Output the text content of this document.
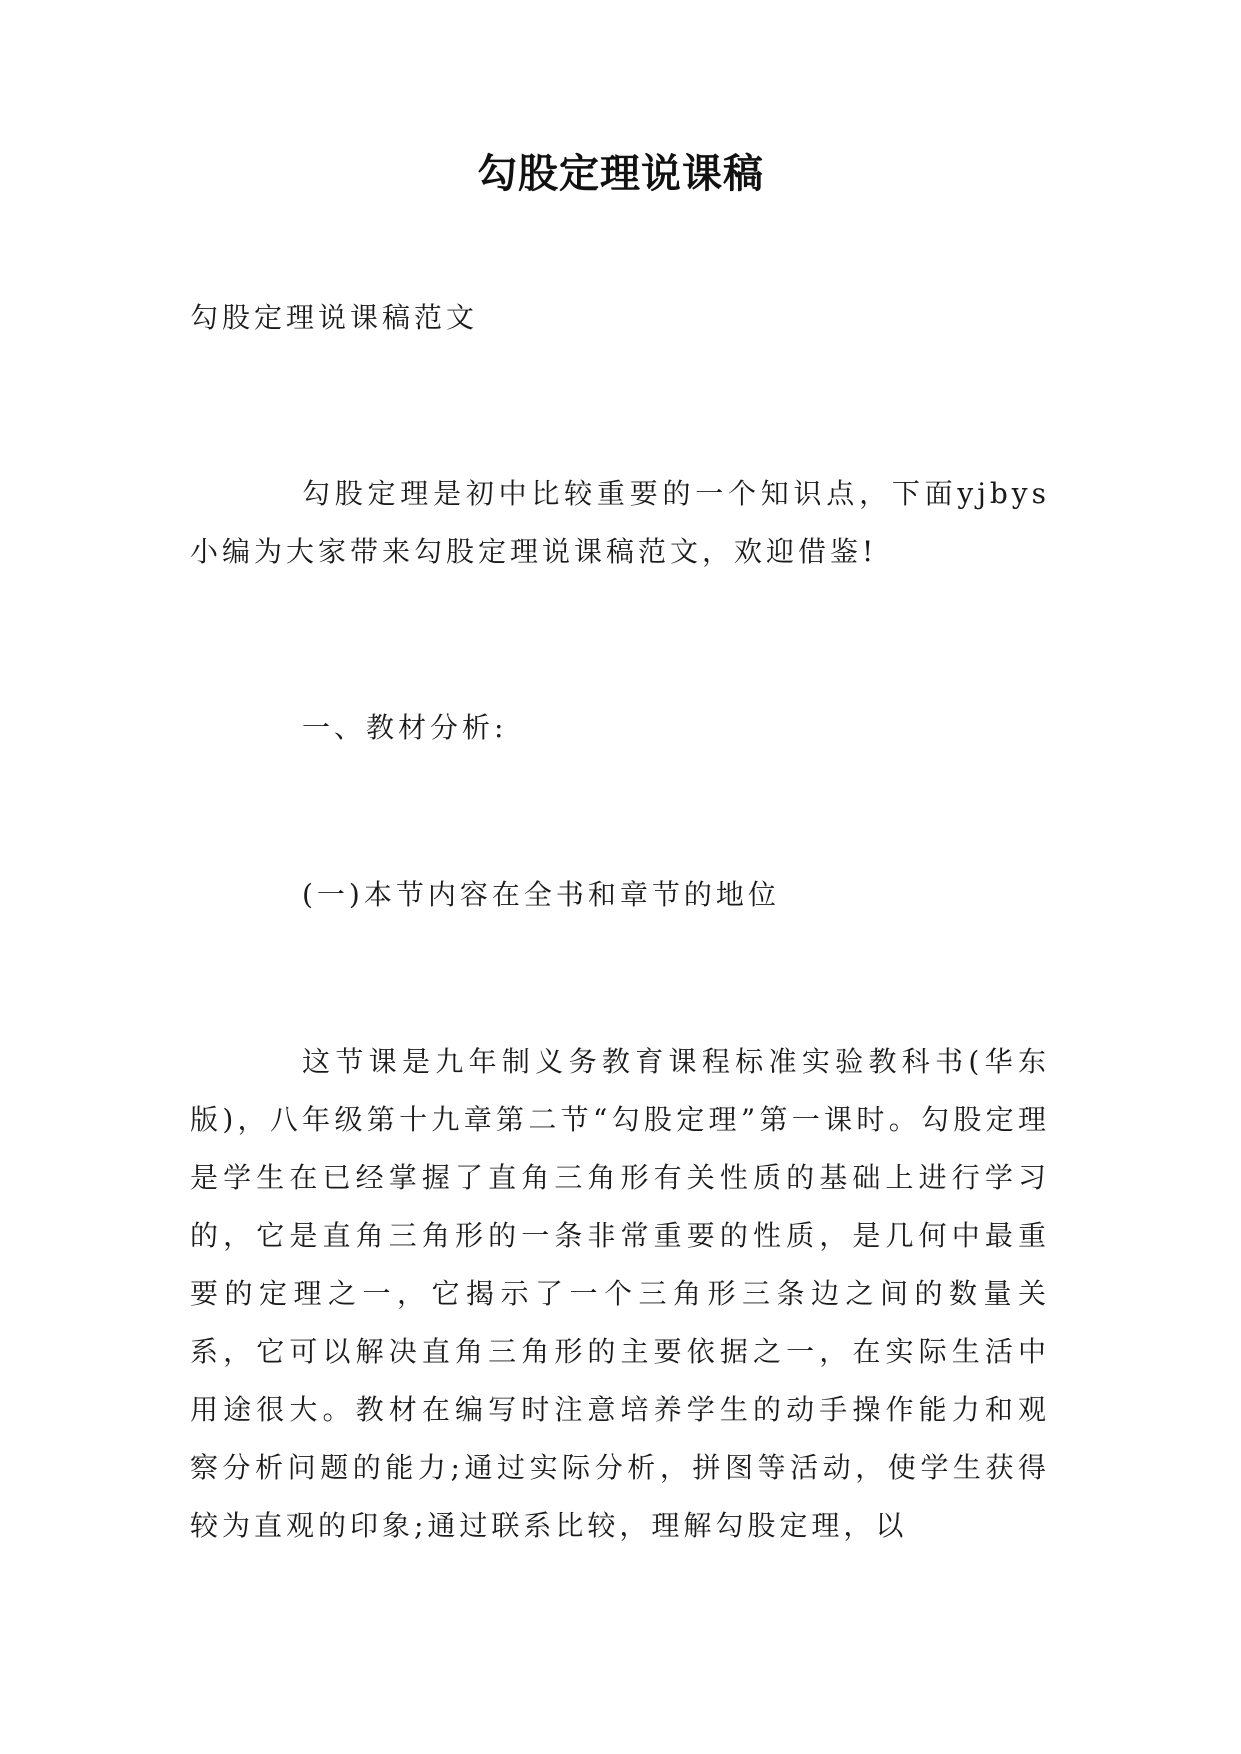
勾股定理说课稿

勾股定理说课稿范文

勾股定理是初中比较重要的一个知识点，下面yjbys小编为大家带来勾股定理说课稿范文，欢迎借鉴!

一、教材分析:

(一)本节内容在全书和章节的地位

这节课是九年制义务教育课程标准实验教科书(华东版)，八年级第十九章第二节“勾股定理”第一课时。勾股定理是学生在已经掌握了直角三角形有关性质的基础上进行学习的，它是直角三角形的一条非常重要的性质，是几何中最重要的定理之一，它揭示了一个三角形三条边之间的数量关系，它可以解决直角三角形的主要依据之一，在实际生活中用途很大。教材在编写时注意培养学生的动手操作能力和观察分析问题的能力;通过实际分析，拼图等活动，使学生获得较为直观的印象;通过联系比较，理解勾股定理，以
